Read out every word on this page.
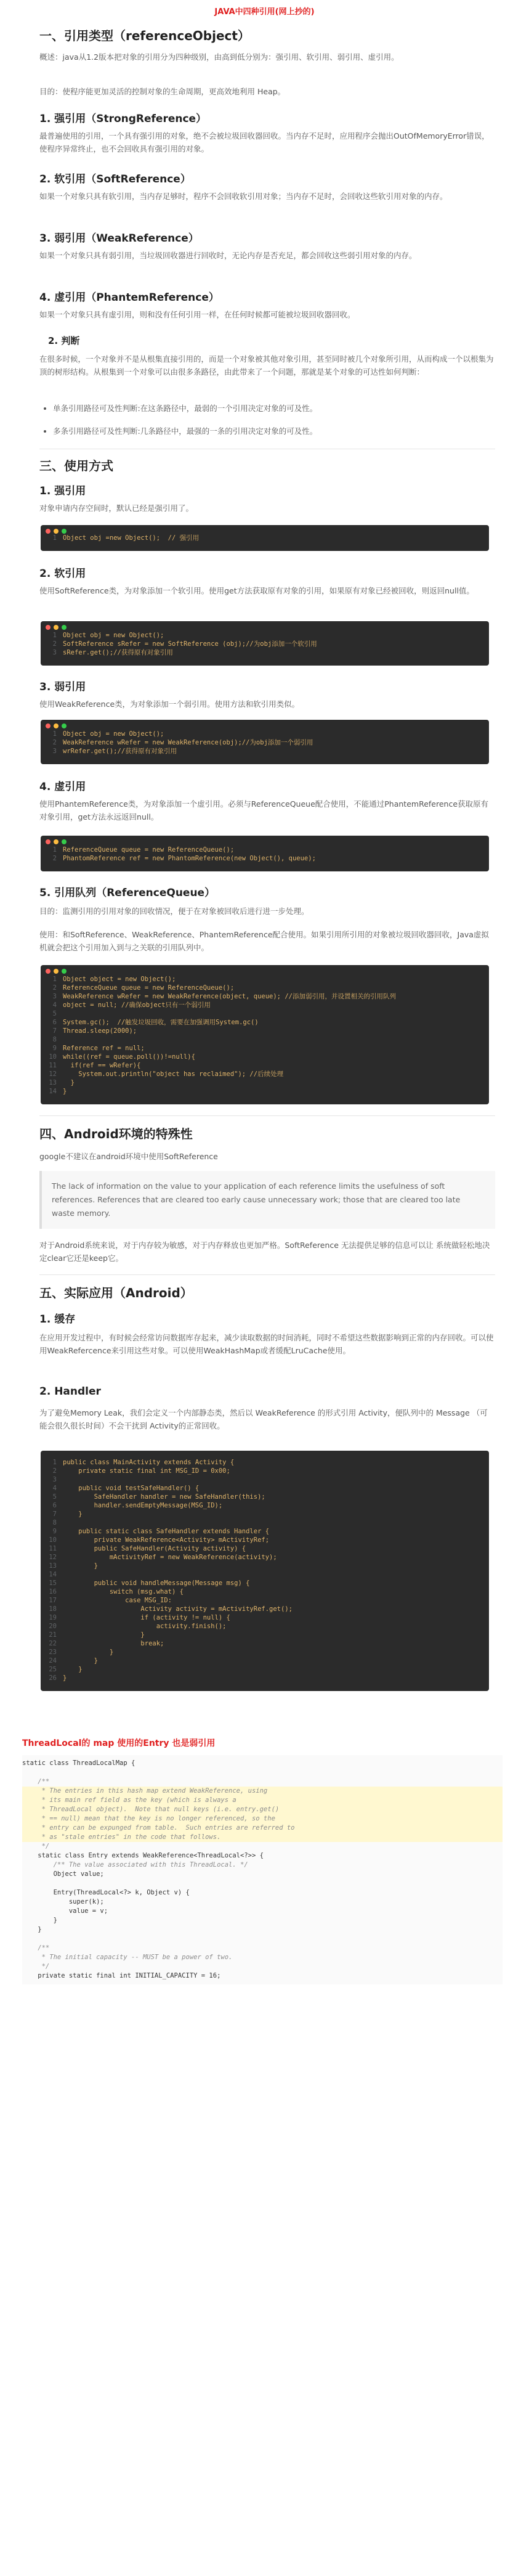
JAVA中四种引用(网上抄的)
一、引用类型（referenceObject）

概述：java从1.2版本把对象的引用分为四种级别，由高到低分别为：强引用、软引用、弱引用、虚引用。

目的：使程序能更加灵活的控制对象的生命周期，更高效地利用 Heap。

1. 强引用（StrongReference）

最普遍使用的引用，一个具有强引用的对象，绝不会被垃圾回收器回收。当内存不足时，应用程序会抛出OutOfMemoryError错误，使程序异常终止，也不会回收具有强引用的对象。

2. 软引用（SoftReference）

如果一个对象只具有软引用，当内存足够时，程序不会回收软引用对象；当内存不足时，会回收这些软引用对象的内存。

3. 弱引用（WeakReference）

如果一个对象只具有弱引用，当垃圾回收器进行回收时，无论内存是否充足，都会回收这些弱引用对象的内存。

4. 虚引用（PhantemReference）

如果一个对象只具有虚引用，则和没有任何引用一样，在任何时候都可能被垃圾回收器回收。

2. 判断

在很多时候，一个对象并不是从根集直接引用的，而是一个对象被其他对象引用，甚至同时被几个对象所引用，从而构成一个以根集为顶的树形结构。从根集到一个对象可以由很多条路径，由此带来了一个问题，那就是某个对象的可达性如何判断：

• 单条引用路径可及性判断:在这条路径中，最弱的一个引用决定对象的可及性。
• 多条引用路径可及性判断:几条路径中，最强的一条的引用决定对象的可及性。
三、使用方式
1. 强引用

对象申请内存空间时，默认已经是强引用了。

1 Object obj =new Object();  // 强引用
2. 软引用

使用SoftReference类，为对象添加一个软引用。使用get方法获取原有对象的引用，如果原有对象已经被回收，则返回null值。

1 Object obj = new Object();
2 SoftReference sRefer = new SoftReference (obj);//为obj添加一个软引用
3 sRefer.get();//获得原有对象引用
3. 弱引用

使用WeakReference类，为对象添加一个弱引用。使用方法和软引用类似。

1 Object obj = new Object();
2 WeakReference wRefer = new WeakReference(obj);//为obj添加一个弱引用
3 wrRefer.get();//获得原有对象引用
4. 虚引用

使用PhantemReference类，为对象添加一个虚引用。必须与ReferenceQueue配合使用，不能通过PhantemReference获取原有对象引用，get方法永远返回null。

1 ReferenceQueue queue = new ReferenceQueue();
2 PhantomReference ref = new PhantomReference(new Object(), queue);
5. 引用队列（ReferenceQueue）

目的：监测引用的引用对象的回收情况，便于在对象被回收后进行进一步处理。

使用：和SoftReference、WeakReference、PhantemReference配合使用。如果引用所引用的对象被垃圾回收器回收，Java虚拟机就会把这个引用加入到与之关联的引用队列中。

1 Object object = new Object();
2 ReferenceQueue queue = new ReferenceQueue();
3 WeakReference wRefer = new WeakReference(object, queue); //添加弱引用，并设置相关的引用队列
4 object = null; //确保object只有一个弱引用
5
6 System.gc();  //触发垃圾回收，需要在加强调用System.gc()
7 Thread.sleep(2000);
8
9 Reference ref = null;
10 while((ref = queue.poll())!=null){
11 if(ref == wRefer){
12 System.out.println("object has reclaimed"); //后续处理
13 }
14 }
四、Android环境的特殊性

google不建议在android环境中使用SoftReference

The lack of information on the value to your application of each reference limits the usefulness of soft references. References that are cleared too early cause unnecessary work; those that are cleared too late waste memory.

对于Android系统来说，对于内存较为敏感，对于内存释放也更加严格。SoftReference 无法提供足够的信息可以让 系统做轻松地决定clear它还是keep它。

五、实际应用（Android）
1. 缓存

在应用开发过程中，有时候会经常访问数据库存起来，减少读取数据的时间消耗，同时不希望这些数据影响到正常的内存回收。可以使用WeakRefercence来引用这些对象。可以使用WeakHashMap或者缓配LruCache使用。

2. Handler

为了避免Memory Leak，我们会定义一个内部静态类，然后以 WeakReference 的形式引用 Activity，便队列中的 Message （可能会很久很长时间）不会干扰到 Activity的正常回收。

1 public class MainActivity extends Activity {
2 private static final int MSG_ID = 0x00;
3
4 public void testSafeHandler() {
5 SafeHandler handler = new SafeHandler(this);
6 handler.sendEmptyMessage(MSG_ID);
7 }
8
9 public static class SafeHandler extends Handler {
10 private WeakReference<Activity> mActivityRef;
11 public SafeHandler(Activity activity) {
12 mActivityRef = new WeakReference(activity);
13 }
14
15 public void handleMessage(Message msg) {
16 switch (msg.what) {
17 case MSG_ID:
18 Activity activity = mActivityRef.get();
19 if (activity != null) {
20 activity.finish();
21 }
22 break;
23 }
24 }
25 }
26 }
ThreadLocal的 map 使用的Entry 也是弱引用
static class ThreadLocalMap {
/**
* The entries in this hash map extend WeakReference, using
* its main ref field as the key (which is always a
* ThreadLocal object).  Note that null keys (i.e. entry.get()
* == null) mean that the key is no longer referenced, so the
* entry can be expunged from table.  Such entries are referred to
* as "stale entries" in the code that follows.
*/
static class Entry extends WeakReference<ThreadLocal<?>> {
/** The value associated with this ThreadLocal. */
Object value;
Entry(ThreadLocal<?> k, Object v) {
super(k);
value = v;
}
}
/**
* The initial capacity -- MUST be a power of two.
*/
private static final int INITIAL_CAPACITY = 16;
